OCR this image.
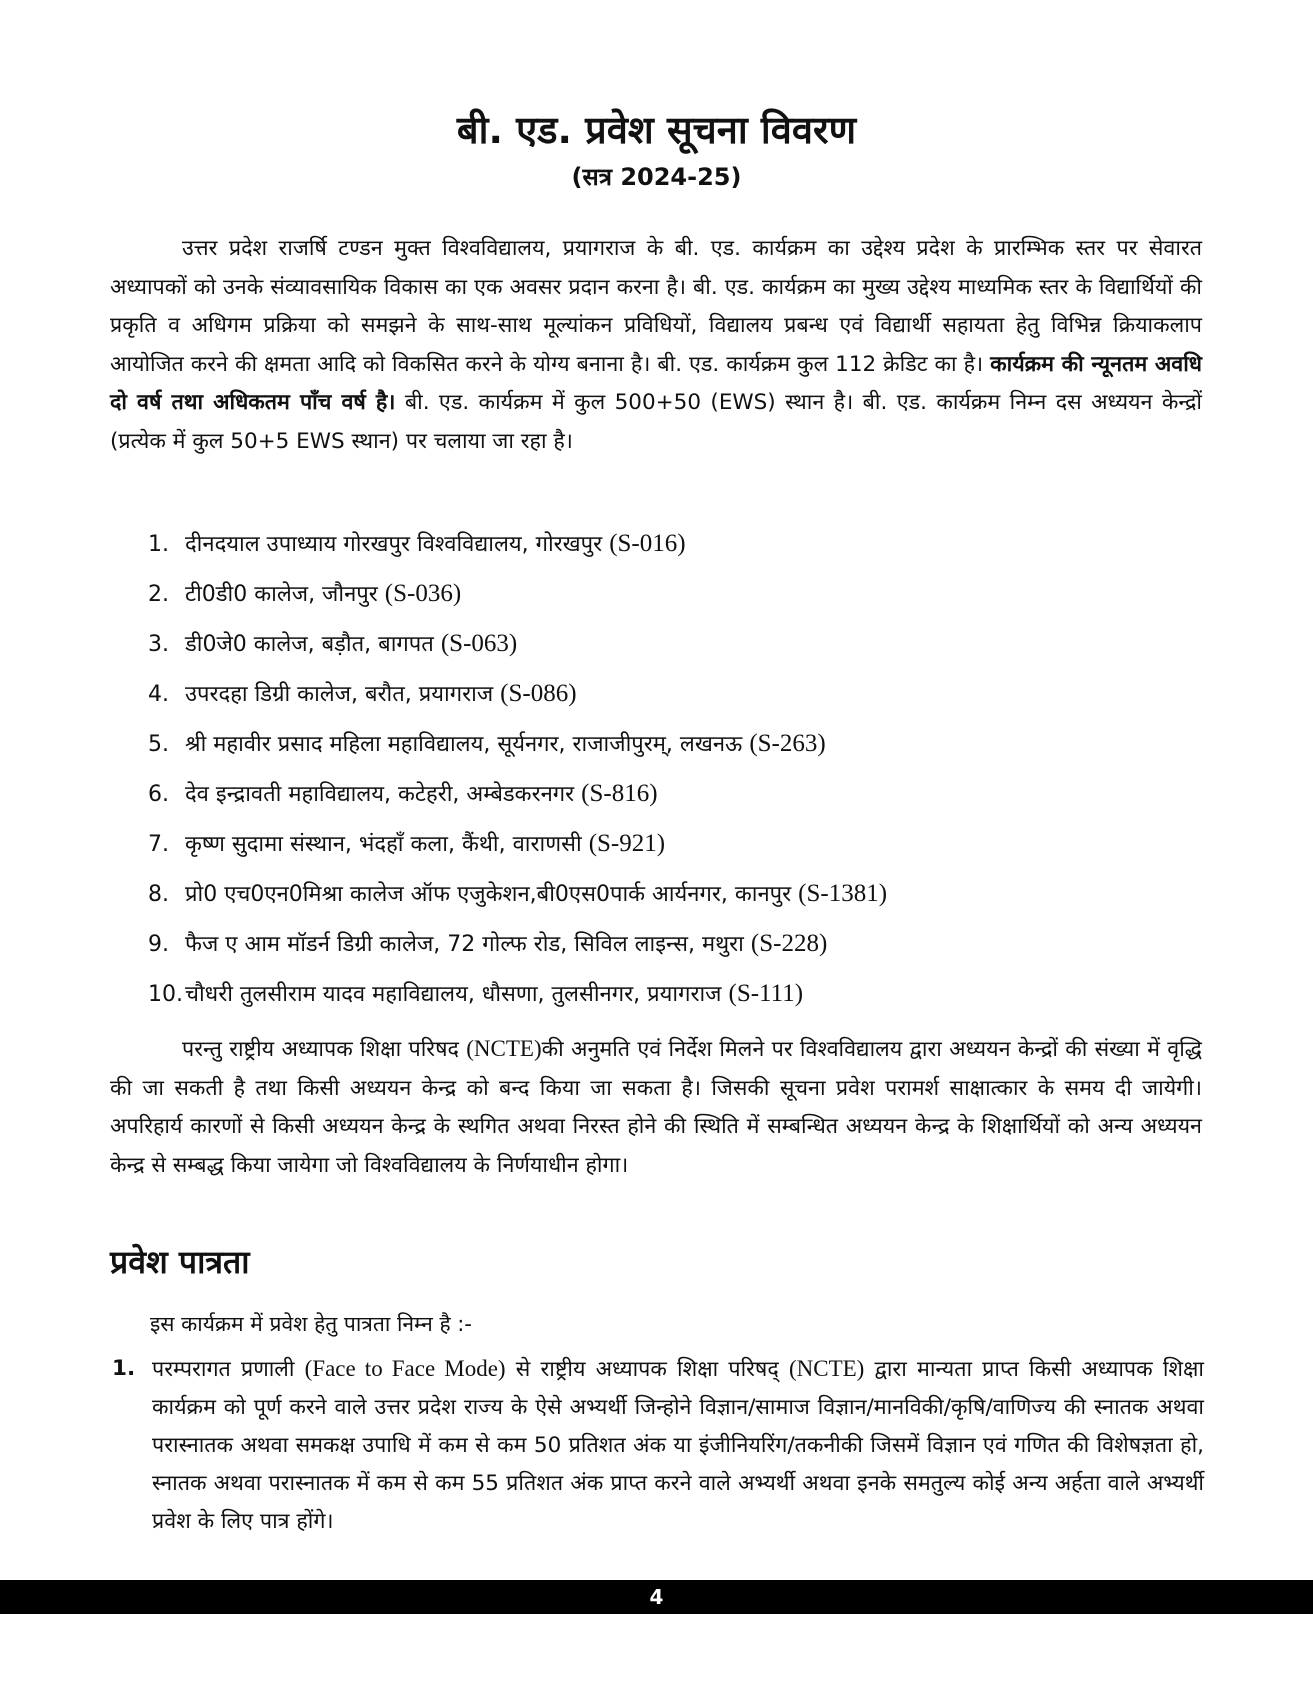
बी. एड. प्रवेश सूचना विवरण
(सत्र 2024-25)

उत्तर प्रदेश राजर्षि टण्डन मुक्त विश्वविद्यालय, प्रयागराज के बी. एड. कार्यक्रम का उद्देश्य प्रदेश के प्रारम्भिक स्तर पर सेवारत अध्यापकों को उनके संव्यावसायिक विकास का एक अवसर प्रदान करना है। बी. एड. कार्यक्रम का मुख्य उद्देश्य माध्यमिक स्तर के विद्यार्थियों की प्रकृति व अधिगम प्रक्रिया को समझने के साथ-साथ मूल्यांकन प्रविधियों, विद्यालय प्रबन्ध एवं विद्यार्थी सहायता हेतु विभिन्न क्रियाकलाप आयोजित करने की क्षमता आदि को विकसित करने के योग्य बनाना है। बी. एड. कार्यक्रम कुल 112 क्रेडिट का है। कार्यक्रम की न्यूनतम अवधि दो वर्ष तथा अधिकतम पाँच वर्ष है। बी. एड. कार्यक्रम में कुल 500+50 (EWS) स्थान है। बी. एड. कार्यक्रम निम्न दस अध्ययन केन्द्रों (प्रत्येक में कुल 50+5 EWS स्थान) पर चलाया जा रहा है।

1. दीनदयाल उपाध्याय गोरखपुर विश्वविद्यालय, गोरखपुर (S-016)
2. टी0डी0 कालेज, जौनपुर (S-036)
3. डी0जे0 कालेज, बड़ौत, बागपत (S-063)
4. उपरदहा डिग्री कालेज, बरौत, प्रयागराज (S-086)
5. श्री महावीर प्रसाद महिला महाविद्यालय, सूर्यनगर, राजाजीपुरम्, लखनऊ (S-263)
6. देव इन्द्रावती महाविद्यालय, कटेहरी, अम्बेडकरनगर (S-816)
7. कृष्ण सुदामा संस्थान, भंदहाँ कला, कैंथी, वाराणसी (S-921)
8. प्रो0 एच0एन0मिश्रा कालेज ऑफ एजुकेशन,बी0एस0पार्क आर्यनगर, कानपुर (S-1381)
9. फैज ए आम मॉडर्न डिग्री कालेज, 72 गोल्फ रोड, सिविल लाइन्स, मथुरा (S-228)
10. चौधरी तुलसीराम यादव महाविद्यालय, धौसणा, तुलसीनगर, प्रयागराज (S-111)

परन्तु राष्ट्रीय अध्यापक शिक्षा परिषद (NCTE)की अनुमति एवं निर्देश मिलने पर विश्वविद्यालय द्वारा अध्ययन केन्द्रों की संख्या में वृद्धि की जा सकती है तथा किसी अध्ययन केन्द्र को बन्द किया जा सकता है। जिसकी सूचना प्रवेश परामर्श साक्षात्कार के समय दी जायेगी। अपरिहार्य कारणों से किसी अध्ययन केन्द्र के स्थगित अथवा निरस्त होने की स्थिति में सम्बन्धित अध्ययन केन्द्र के शिक्षार्थियों को अन्य अध्ययन केन्द्र से सम्बद्ध किया जायेगा जो विश्वविद्यालय के निर्णयाधीन होगा।

प्रवेश पात्रता

इस कार्यक्रम में प्रवेश हेतु पात्रता निम्न है :-

1. परम्परागत प्रणाली (Face to Face Mode) से राष्ट्रीय अध्यापक शिक्षा परिषद् (NCTE) द्वारा मान्यता प्राप्त किसी अध्यापक शिक्षा कार्यक्रम को पूर्ण करने वाले उत्तर प्रदेश राज्य के ऐसे अभ्यर्थी जिन्होने विज्ञान/सामाज विज्ञान/मानविकी/कृषि/वाणिज्य की स्नातक अथवा परास्नातक अथवा समकक्ष उपाधि में कम से कम 50 प्रतिशत अंक या इंजीनियरिंग/तकनीकी जिसमें विज्ञान एवं गणित की विशेषज्ञता हो, स्नातक अथवा परास्नातक में कम से कम 55 प्रतिशत अंक प्राप्त करने वाले अभ्यर्थी अथवा इनके समतुल्य कोई अन्य अर्हता वाले अभ्यर्थी प्रवेश के लिए पात्र होंगे।

4
